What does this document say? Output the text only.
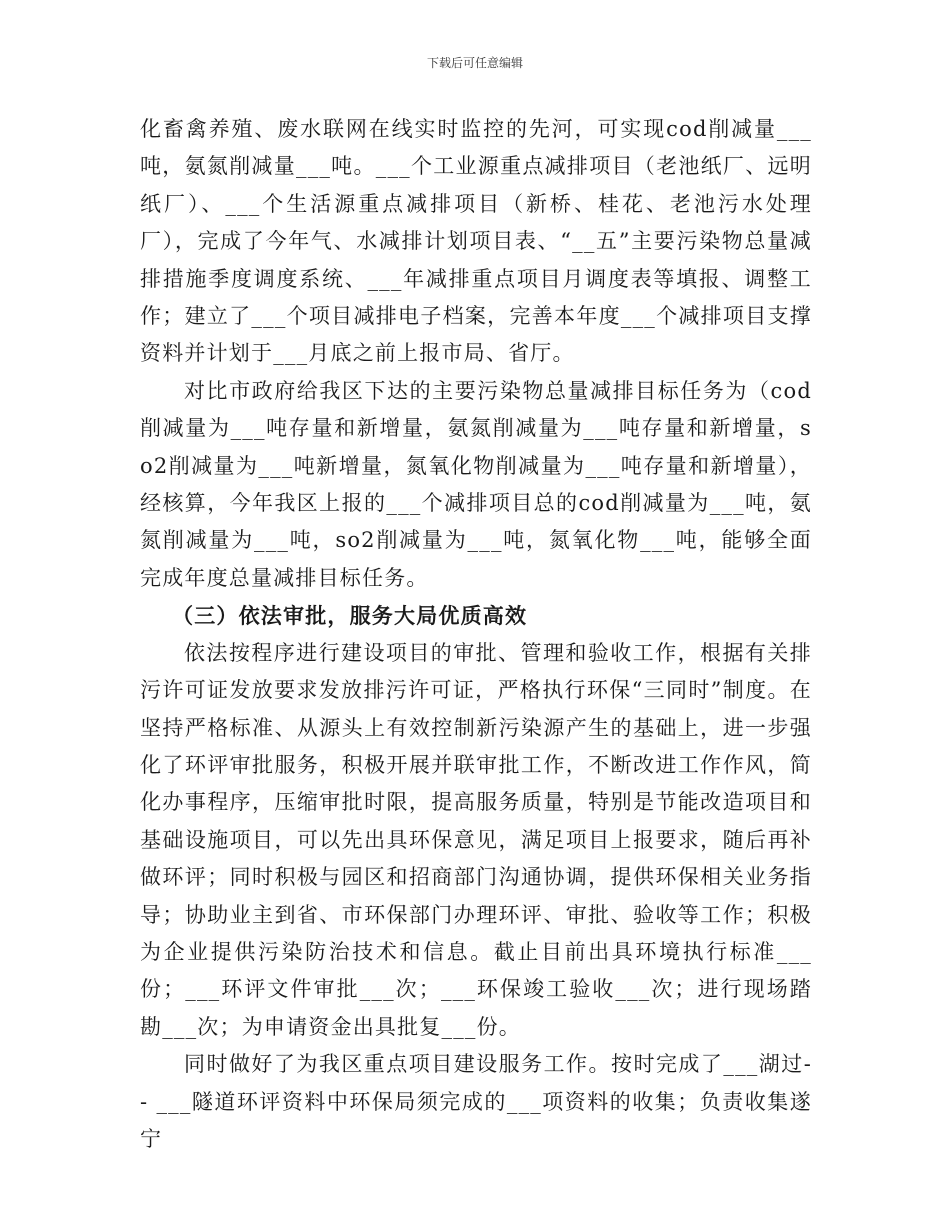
下载后可任意编辑

化畜禽养殖、废水联网在线实时监控的先河，可实现cod削减量___吨，氨氮削减量___吨。___个工业源重点减排项目（老池纸厂、远明纸厂）、___个生活源重点减排项目（新桥、桂花、老池污水处理厂），完成了今年气、水减排计划项目表、“__五”主要污染物总量减排措施季度调度系统、___年减排重点项目月调度表等填报、调整工作；建立了___个项目减排电子档案，完善本年度___个减排项目支撑资料并计划于___月底之前上报市局、省厅。

对比市政府给我区下达的主要污染物总量减排目标任务为（cod削减量为___吨存量和新增量，氨氮削减量为___吨存量和新增量，so2削减量为___吨新增量，氮氧化物削减量为___吨存量和新增量），经核算，今年我区上报的___个减排项目总的cod削减量为___吨，氨氮削减量为___吨，so2削减量为___吨，氮氧化物___吨，能够全面完成年度总量减排目标任务。

（三）依法审批，服务大局优质高效

依法按程序进行建设项目的审批、管理和验收工作，根据有关排污许可证发放要求发放排污许可证，严格执行环保“三同时”制度。在坚持严格标准、从源头上有效控制新污染源产生的基础上，进一步强化了环评审批服务，积极开展并联审批工作，不断改进工作作风，简化办事程序，压缩审批时限，提高服务质量，特别是节能改造项目和基础设施项目，可以先出具环保意见，满足项目上报要求，随后再补做环评；同时积极与园区和招商部门沟通协调，提供环保相关业务指导；协助业主到省、市环保部门办理环评、审批、验收等工作；积极为企业提供污染防治技术和信息。截止目前出具环境执行标准___份；___环评文件审批___次；___环保竣工验收___次；进行现场踏勘___次；为申请资金出具批复___份。

同时做好了为我区重点项目建设服务工作。按时完成了___湖过-- ___隧道环评资料中环保局须完成的___项资料的收集；负责收集遂宁
